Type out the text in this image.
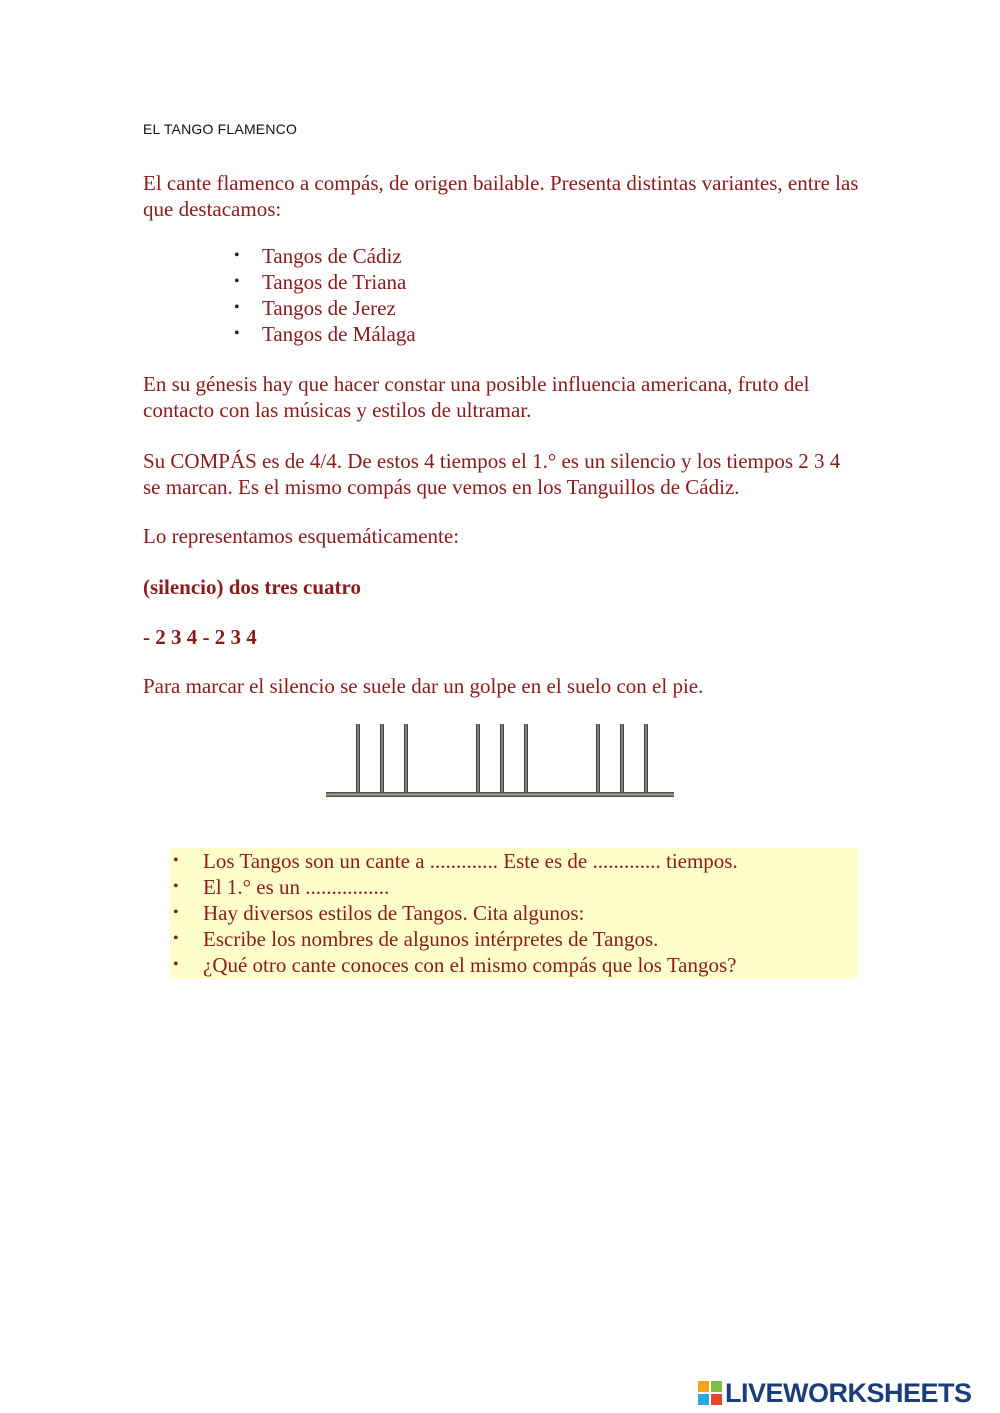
EL TANGO FLAMENCO

El cante flamenco a compás, de origen bailable. Presenta distintas variantes, entre las que destacamos:

• Tangos de Cádiz
• Tangos de Triana
• Tangos de Jerez
• Tangos de Málaga

En su génesis hay que hacer constar una posible influencia americana, fruto del contacto con las músicas y estilos de ultramar.

Su COMPÁS es de 4/4. De estos 4 tiempos el 1.° es un silencio y los tiempos 2 3 4 se marcan. Es el mismo compás que vemos en los Tanguillos de Cádiz.

Lo representamos esquemáticamente:

(silencio) dos tres cuatro

- 2 3 4 - 2 3 4

Para marcar el silencio se suele dar un golpe en el suelo con el pie.

• Los Tangos son un cante a ............. Este es de ............. tiempos.
• El 1.° es un ................
• Hay diversos estilos de Tangos. Cita algunos:
• Escribe los nombres de algunos intérpretes de Tangos.
• ¿Qué otro cante conoces con el mismo compás que los Tangos?
LIVEWORKSHEETS
